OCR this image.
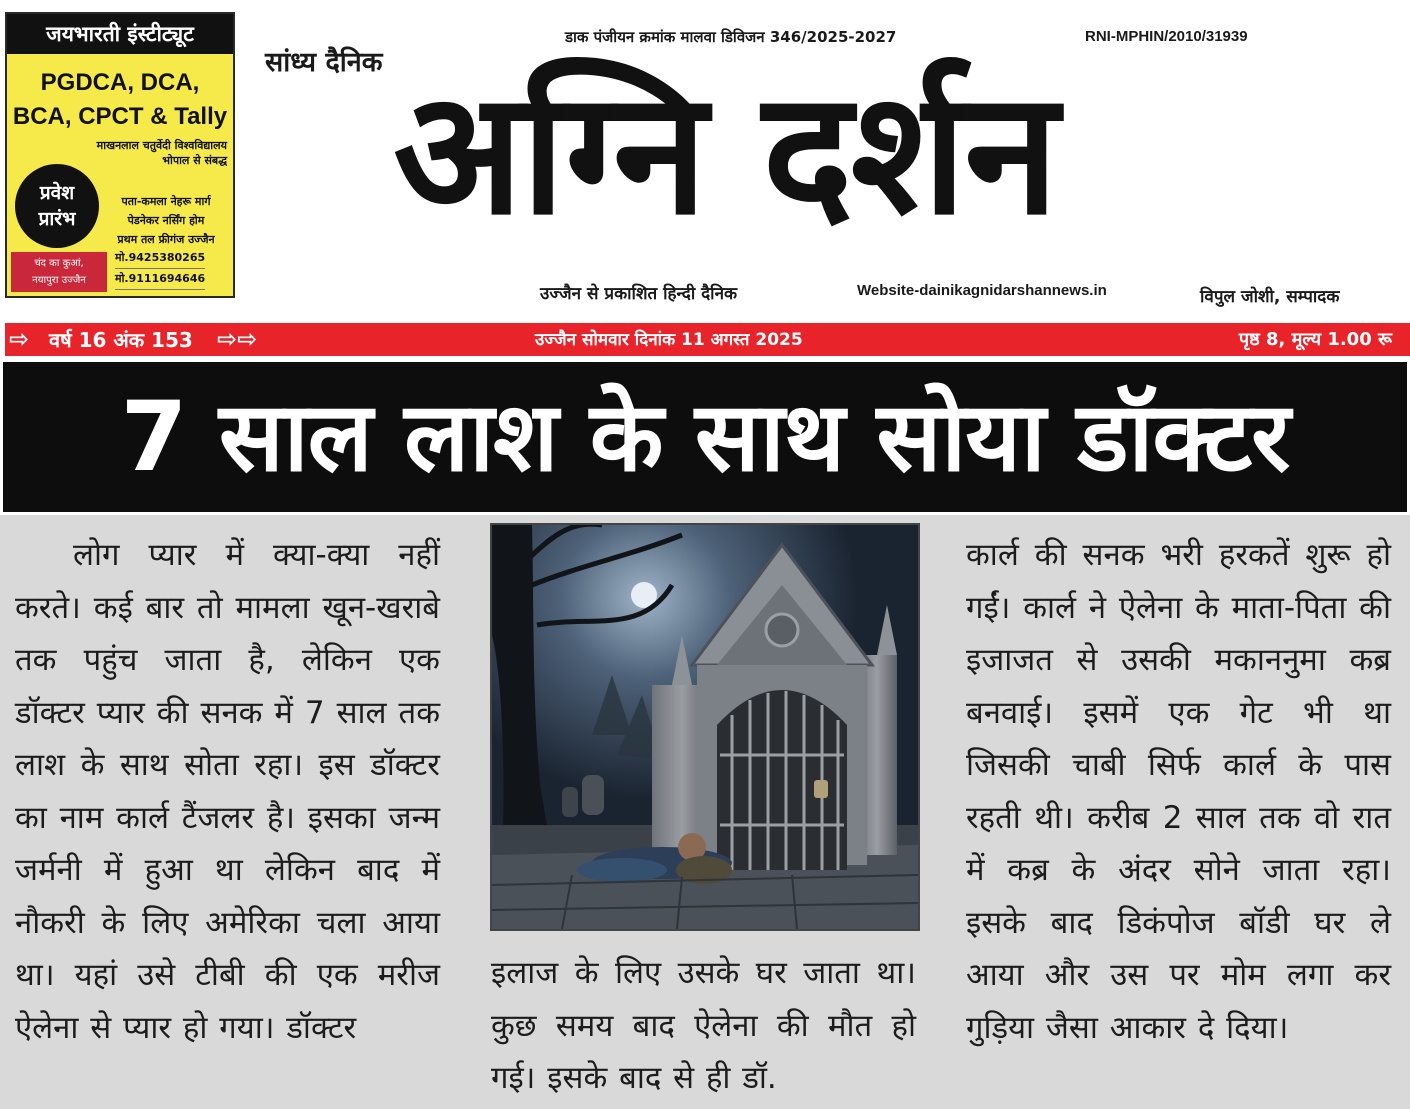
जयभारती इंस्टीट्यूट
PGDCA, DCA,
BCA, CPCT & Tally
माखनलाल चतुर्वेदी विश्वविद्यालय
भोपाल से संबद्ध
प्रवेश
प्रारंभ
पता-कमला नेहरू मार्ग
पेडनेकर नर्सिंग होम
प्रथम तल फ्रीगंज उज्जैन
चंद का कुआं,
नयापुरा उज्जैन
मो.9425380265
मो.9111694646
सांध्य दैनिक
डाक पंजीयन क्रमांक मालवा डिविजन 346/2025-2027	RNI-MPHIN/2010/31939
अग्नि दर्शन
उज्जैन से प्रकाशित हिन्दी दैनिक	Website-dainikagnidarshannews.in	विपुल जोशी, सम्पादक
⇨ वर्ष 16 अंक 153 ⇨⇨	उज्जैन सोमवार दिनांक 11 अगस्त 2025	पृष्ठ 8, मूल्य 1.00 रू
7 साल लाश के साथ सोया डॉक्टर
लोग प्यार में क्या-क्या नहीं करते। कई बार तो मामला खून-खराबे तक पहुंच जाता है, लेकिन एक डॉक्टर प्यार की सनक में 7 साल तक लाश के साथ सोता रहा। इस डॉक्टर का नाम कार्ल टैंजलर है। इसका जन्म जर्मनी में हुआ था लेकिन बाद में नौकरी के लिए अमेरिका चला आया था। यहां उसे टीबी की एक मरीज ऐलेना से प्यार हो गया। डॉक्टर
इलाज के लिए उसके घर जाता था। कुछ समय बाद ऐलेना की मौत हो गई। इसके बाद से ही डॉ.
कार्ल की सनक भरी हरकतें शुरू हो गईं। कार्ल ने ऐलेना के माता-पिता की इजाजत से उसकी मकाननुमा कब्र बनवाई। इसमें एक गेट भी था जिसकी चाबी सिर्फ कार्ल के पास रहती थी। करीब 2 साल तक वो रात में कब्र के अंदर सोने जाता रहा। इसके बाद डिकंपोज बॉडी घर ले आया और उस पर मोम लगा कर गुड़िया जैसा आकार दे दिया।
